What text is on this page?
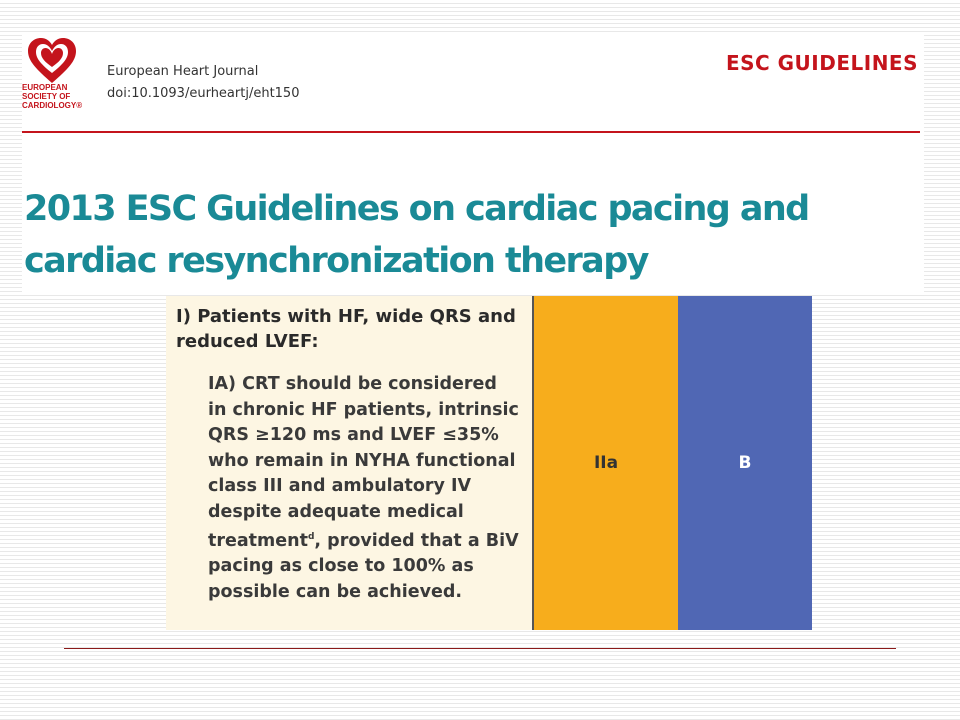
EUROPEAN
SOCIETY OF
CARDIOLOGY®
European Heart Journal
doi:10.1093/eurheartj/eht150
ESC GUIDELINES
2013 ESC Guidelines on cardiac pacing and cardiac resynchronization therapy

I) Patients with HF, wide QRS and reduced LVEF:

IA) CRT should be considered in chronic HF patients, intrinsic QRS ≥120 ms and LVEF ≤35% who remain in NYHA functional class III and ambulatory IV despite adequate medical treatment$^d$, provided that a BiV pacing as close to 100% as possible can be achieved.

IIa	B
